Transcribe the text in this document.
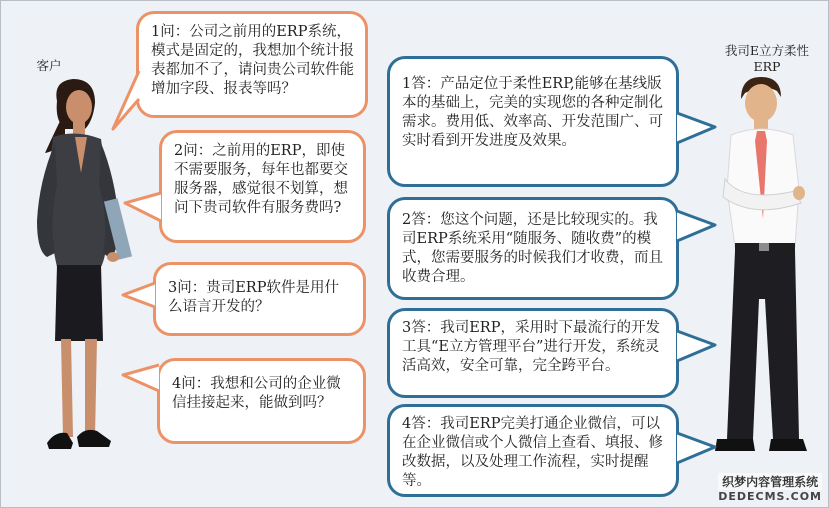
客户
我司E立方柔性ERP
1问：公司之前用的ERP系统，模式是固定的，我想加个统计报表都加不了，请问贵公司软件能增加字段、报表等吗？
2问：之前用的ERP，即使不需要服务，每年也都要交服务器，感觉很不划算，想问下贵司软件有服务费吗?
3问：贵司ERP软件是用什么语言开发的？
4问：我想和公司的企业微信挂接起来，能做到吗？
1答：产品定位于柔性ERP,能够在基线版本的基础上，完美的实现您的各种定制化需求。费用低、效率高、开发范围广、可实时看到开发进度及效果。
2答：您这个问题，还是比较现实的。我司ERP系统采用“随服务、随收费”的模式，您需要服务的时候我们才收费，而且收费合理。
3答：我司ERP，采用时下最流行的开发工具“E立方管理平台”进行开发，系统灵活高效，安全可靠，完全跨平台。
4答：我司ERP完美打通企业微信，可以在企业微信或个人微信上查看、填报、修改数据，以及处理工作流程，实时提醒等。	织梦内容管理系统
DEDECMS.COM
